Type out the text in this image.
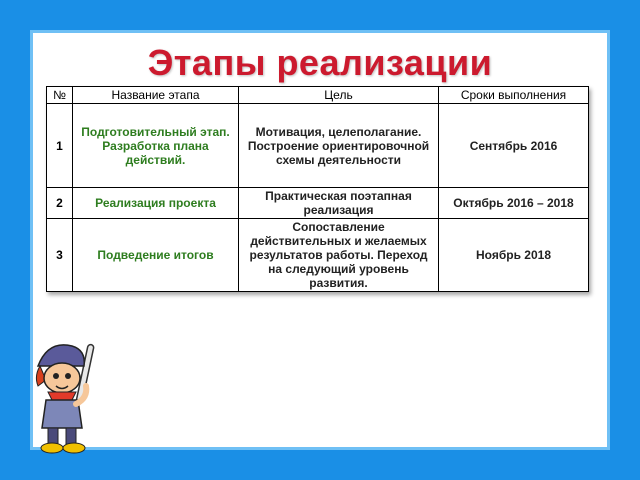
Этапы реализации
№	Название этапа	Цель	Сроки выполнения
1	Подготовительный этап. Разработка плана действий.	Мотивация, целеполагание. Построение ориентировочной схемы деятельности	Сентябрь 2016
2	Реализация проекта	Практическая поэтапная реализация	Октябрь 2016 – 2018
3	Подведение итогов	Сопоставление действительных и желаемых результатов работы. Переход на следующий уровень развития.	Ноябрь 2018
